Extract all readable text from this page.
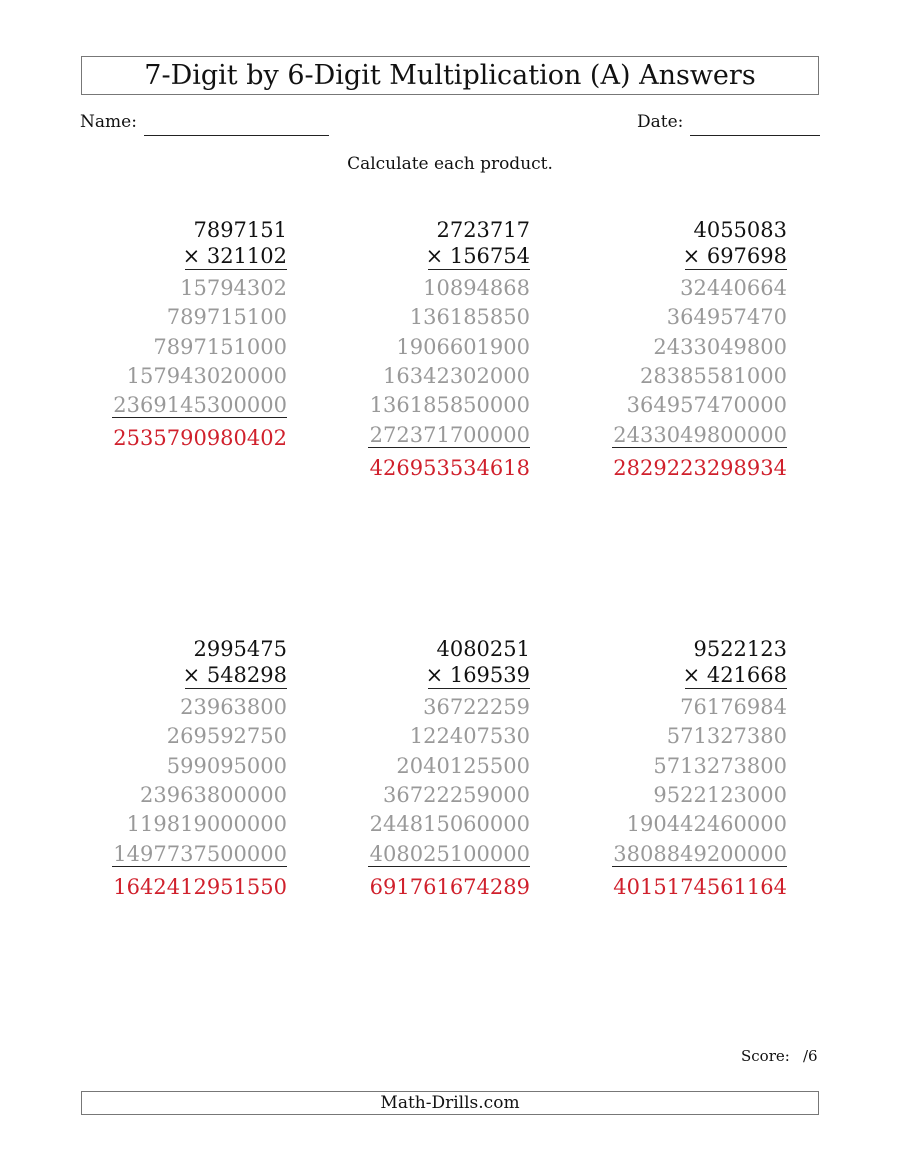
7-Digit by 6-Digit Multiplication (A) Answers
Name:	Date:
Calculate each product.
7897151
× 321102
15794302
789715100
7897151000
157943020000
2369145300000
2535790980402
2723717
× 156754
10894868
136185850
1906601900
16342302000
136185850000
272371700000
426953534618
4055083
× 697698
32440664
364957470
2433049800
28385581000
364957470000
2433049800000
2829223298934
2995475
× 548298
23963800
269592750
599095000
23963800000
119819000000
1497737500000
1642412951550
4080251
× 169539
36722259
122407530
2040125500
36722259000
244815060000
408025100000
691761674289
9522123
× 421668
76176984
571327380
5713273800
9522123000
190442460000
3808849200000
4015174561164
Score: /6
Math-Drills.com
